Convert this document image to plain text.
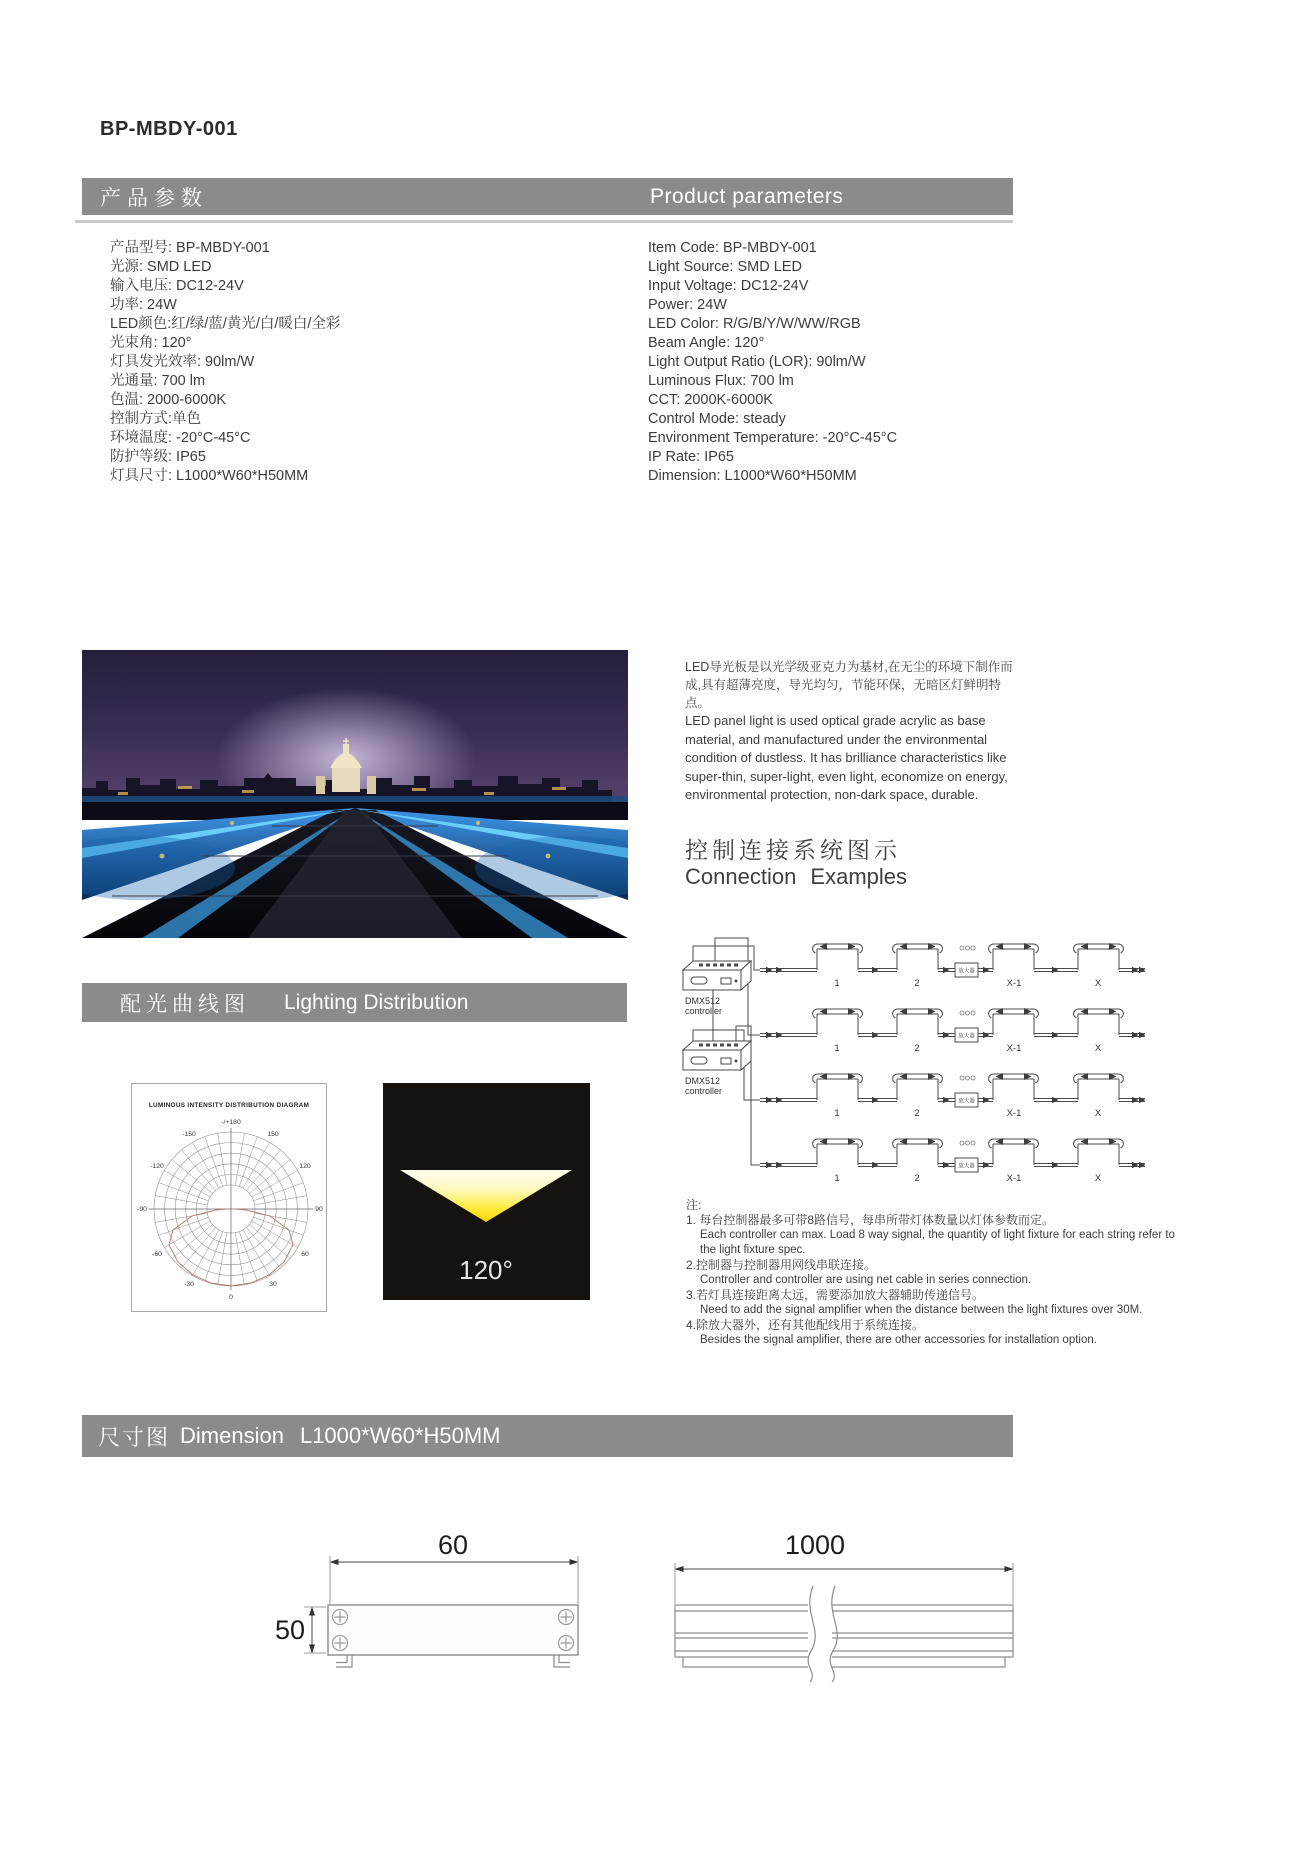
BP-MBDY-001
产品参数	Product parameters
产品型号: BP-MBDY-001
光源: SMD LED
输入电压: DC12-24V
功率: 24W
LED颜色:红/绿/蓝/黄光/白/暖白/全彩
光束角: 120°
灯具发光效率: 90lm/W
光通量: 700 lm
色温: 2000-6000K
控制方式:单色
环境温度: -20°C-45°C
防护等级: IP65
灯具尺寸: L1000*W60*H50MM
Item Code: BP-MBDY-001
Light Source: SMD LED
Input Voltage: DC12-24V
Power: 24W
LED Color: R/G/B/Y/W/WW/RGB
Beam Angle: 120°
Light Output Ratio (LOR): 90lm/W
Luminous Flux: 700 lm
CCT: 2000K-6000K
Control Mode: steady
Environment Temperature: -20°C-45°C
IP Rate: IP65
Dimension: L1000*W60*H50MM
LED导光板是以光学级亚克力为基材,在无尘的环境下制作而成,具有超薄亮度，导光均匀，节能环保，无暗区灯鲜明特点。
LED panel light is used optical grade acrylic as base material, and manufactured under the environmental condition of dustless. It has brilliance characteristics like super-thin, super-light, even light, economize on energy, environmental protection, non-dark space, durable.
控制连接系统图示
Connection Examples
放大器
X-1
DMX512
controller
DMX512
controller
注:
1. 每台控制器最多可带8路信号，每串所带灯体数量以灯体参数而定。
Each controller can max. Load 8 way signal, the quantity of light fixture for each string refer to the light fixture spec.
2.控制器与控制器用网线串联连接。
Controller and controller are using net cable in series connection.
3.若灯具连接距离太远，需要添加放大器辅助传递信号。
Need to add the signal amplifier when the distance between the light fixtures over 30M.
4.除放大器外，还有其他配线用于系统连接。
Besides the signal amplifier, there are other accessories for installation option.
配光曲线图 Lighting Distribution
LUMINOUS INTENSITY DISTRIBUTION DIAGRAM
-/+180
150
-150
120
-120
90
-90
60
-60
30
-30
0
120°
尺寸图 Dimension L1000*W60*H50MM
60
50
1000
